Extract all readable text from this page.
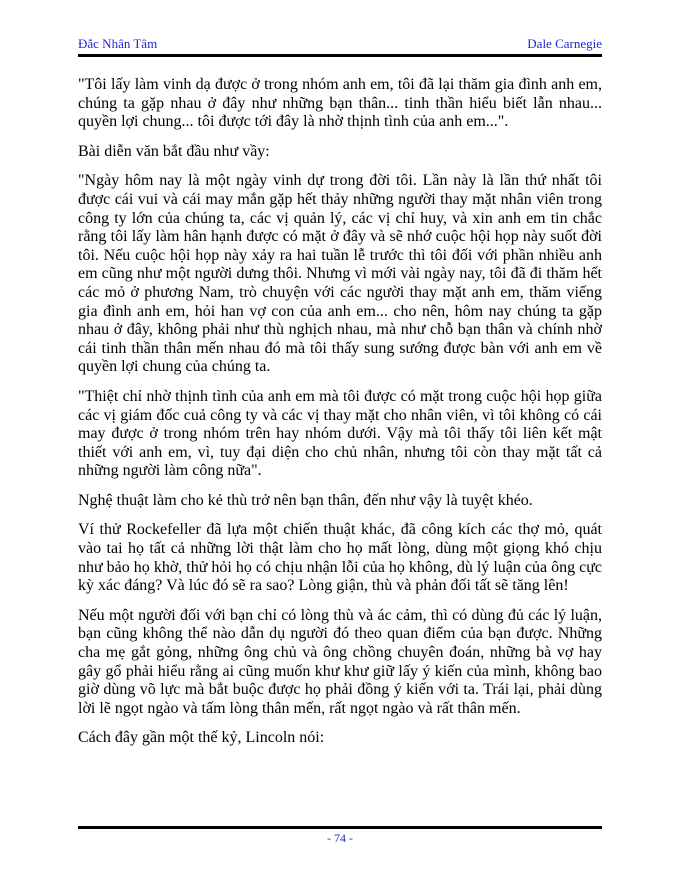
Đắc Nhân Tâm	Dale Carnegie

"Tôi lấy làm vinh dạ được ở trong nhóm anh em, tôi đã lại thăm gia đình anh em, chúng ta gặp nhau ở đây như những bạn thân... tinh thần hiểu biết lẫn nhau... quyền lợi chung... tôi được tới đây là nhờ thịnh tình của anh em...".

Bài diễn văn bắt đầu như vầy:

"Ngày hôm nay là một ngày vinh dự trong đời tôi. Lần này là lần thứ nhất tôi được cái vui và cái may mắn gặp hết thảy những người thay mặt nhân viên trong công ty lớn của chúng ta, các vị quản lý, các vị chỉ huy, và xin anh em tin chắc rằng tôi lấy làm hân hạnh được có mặt ở đây và sẽ nhớ cuộc hội họp này suốt đời tôi. Nếu cuộc hội họp này xảy ra hai tuần lễ trước thì tôi đối với phần nhiều anh em cũng như một người dưng thôi. Nhưng vì mới vài ngày nay, tôi đã đi thăm hết các mỏ ở phương Nam, trò chuyện với các người thay mặt anh em, thăm viếng gia đình anh em, hỏi han vợ con của anh em... cho nên, hôm nay chúng ta gặp nhau ở đây, không phải như thù nghịch nhau, mà như chỗ bạn thân và chính nhờ cái tinh thần thân mến nhau đó mà tôi thấy sung sướng được bàn với anh em về quyền lợi chung của chúng ta.

"Thiệt chỉ nhờ thịnh tình của anh em mà tôi được có mặt trong cuộc hội họp giữa các vị giám đốc cuả công ty và các vị thay mặt cho nhân viên, vì tôi không có cái may được ở trong nhóm trên hay nhóm dưới. Vậy mà tôi thấy tôi liên kết mật thiết với anh em, vì, tuy đại diện cho chủ nhân, nhưng tôi còn thay mặt tất cả những người làm công nữa".

Nghệ thuật làm cho kẻ thù trở nên bạn thân, đến như vậy là tuyệt khéo.

Ví thử Rockefeller đã lựa một chiến thuật khác, đã công kích các thợ mỏ, quát vào tai họ tất cả những lời thật làm cho họ mất lòng, dùng một giọng khó chịu như bảo họ khờ, thử hỏi họ có chịu nhận lỗi của họ không, dù lý luận của ông cực kỳ xác đáng? Và lúc đó sẽ ra sao? Lòng giận, thù và phản đối tất sẽ tăng lên!

Nếu một người đối với bạn chỉ có lòng thù và ác cảm, thì có dùng đủ các lý luận, bạn cũng không thể nào dẫn dụ người đó theo quan điểm của bạn được. Những cha mẹ gắt gỏng, những ông chủ và ông chồng chuyên đoán, những bà vợ hay gây gổ phải hiểu rằng ai cũng muốn khư khư giữ lấy ý kiến của mình, không bao giờ dùng võ lực mà bắt buộc được họ phải đồng ý kiến với ta. Trái lại, phải dùng lời lẽ ngọt ngào và tấm lòng thân mến, rất ngọt ngào và rất thân mến.

Cách đây gần một thế kỷ, Lincoln nói:

- 74 -
